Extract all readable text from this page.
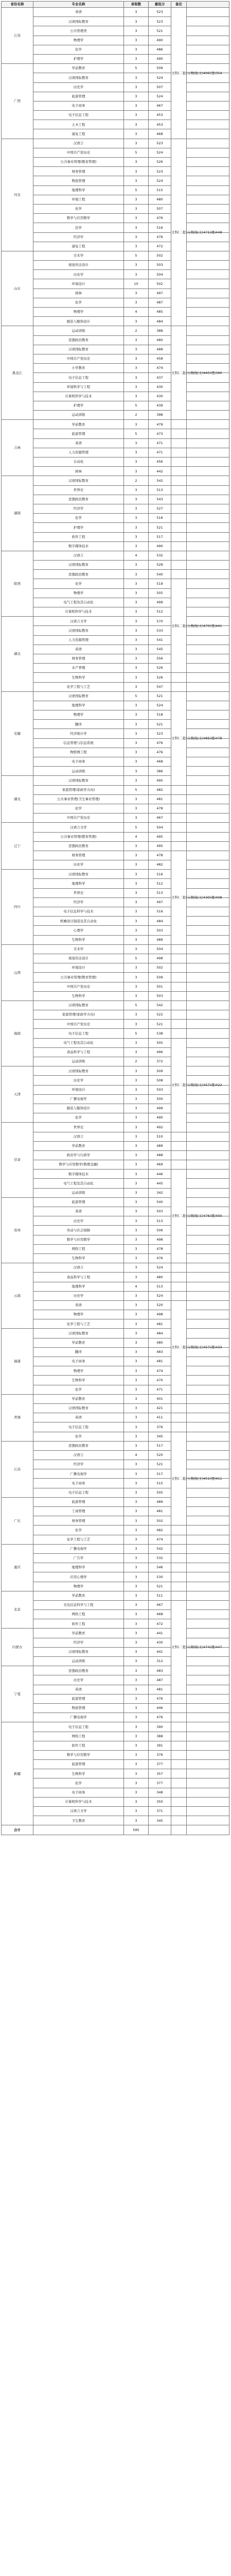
省份名称	专业名称	录取数	最低分	备注	
江苏	英语	3	523	文科(二批)分数线(文)406(理)354	
	汉语国际教育	3	523		
	公共管理类	3	521		
	物理学	3	490		
	化学	3	486		
	护理学	3	490		
广西	学前教育	5	509		
	汉语国际教育	3	524		
	历史学	3	507		
	旅游管理	3	524		
	电子商务	3	467		
	电子信息工程	3	453		
	土木工程	3	453		
	康复工程	3	468		
河北	汉语言	3	523	文科(二批)分数线(文)471(理)448	
	中国共产党历史	5	524		
	公共事业管理(教育管理)	3	526		
	财务管理	3	523		
	物流管理	3	524		
	地理科学	5	515		
	环境工程	3	480		
	化学	3	507		
	数学与应用数学	3	476		
	法学	3	516		
	经济学	3	476		
	康复工程	3	472		
山东	美术学	5	502		
	视觉传达设计	3	503		
	历史学	3	504		
	环境设计	10	502		
	园林	3	497		
	化学	3	487		
	物理学	4	485		
	服装与服饰设计	3	484		
黑龙江	运动训练	2	388	文科(二批)分数线(文)445(理)390	
	思想政治教育	3	480		
	汉语国际教育	3	488		
	中国共产党历史	3	458		
	小学教育	3	474		
	电子信息工程	3	437		
	环境科学与工程	3	430		
	计算机科学与技术	3	430		
	护理学	5	439		
	运动训练	2	398		
吉林	学前教育	3	479		
	旅游管理	5	473		
	英语	3	471		
	人力资源管理	3	471		
	自动化	3	456		
	园林	3	442		
湖南	汉语国际教育	2	542		
	世界史	3	513		
	思想政治教育	3	543		
	经济学	3	527		
	化学	3	516		
	护理学	3	521		
	软件工程	3	517		
	数字媒体技术	3	490		
陕西	汉语言	4	532		
	汉语国际教育	3	528		
	思想政治教育	3	540		
	化学	3	519	文科(二批)分数线(文)470(理)441	
	物理学	3	505		
	电气工程及其自动化	3	499		
	计算机科学与技术	3	512		
湖北	汉语言文学	3	570		
	汉语国际教育	3	533		
	人力资源管理	3	541		
	英语	3	545		
	财务管理	3	556		
	水产养殖	3	526		
	生物科学	3	526		
	化学工程与工艺	3	547		
安徽	汉语国际教育	5	521	文科(二批)分数线(文)485(理)478	
	地理科学	3	524		
	物理学	3	518		
	翻译	3	521		
	经济统计学	3	523		
	信息管理与信息系统	3	476		
	物联网工程	3	476		
	电子商务	3	468		
	运动训练	3	386		
湖北	汉语国际教育	3	495		
	家庭管理(家政学方向)	5	482		
	公共事业管理(卫生事业管理)	3	481		
	化学	3	478		
	中国共产党历史	3	467		
辽宁	汉语言文学	5	504		
	公共事业管理(教育管理)	4	495		
	思想政治教育	3	495		
	财务管理	3	478	文科(二批)分数线(文)430(理)408	
	历史学	3	482		
四川	汉语国际教育	3	516		
	地理科学	3	512		
	世界史	3	513		
	经济学	3	497		
	电子信息科学与技术	3	516		
	机械设计制造及其自动化	3	484		
	心理学	3	503		
	生物科学	3	489		
山西	美术学	3	504		
	视觉传达设计	5	498		
	环境设计	3	502		
	公共事业管理(教育管理)	3	509		
	中国共产党历史	3	501		
	生物科学	3	503		
海南	汉语国际教育	5	542		
	家庭管理(家政学方向)	3	522		
	中国共产党历史	3	521		
	电子信息工程	5	538		
	电气工程及其自动化	3	505	文科(二批)分数线(文)457(理)422	
	食品科学与工程	3	496		
	运动训练	2	372		
天津	汉语国际教育	3	509		
	历史学	3	508		
	环境设计	3	503		
	广播电视学	3	500		
	服装与服饰设计	3	499		
	化学	3	490		
甘肃	世界史	3	492		
	汉语言	3	510		
	学前教育	3	489		
	政治学与行政学	3	488		
	数学与应用数学(数理金融)	3	469		
	数字媒体技术	3	446	文科(二批)分数线(文)476(理)400	
	电气工程及其自动化	3	445		
	运动训练	3	342		
贵州	旅游管理	3	540		
	英语	3	503		
	历史学	3	513		
	劳动与社会保障	3	506		
	数学与应用数学	3	498		
	网络工程	3	478		
	生物科学	3	476		
云南	汉语言	3	524		
	食品科学与工程	3	480		
	地理科学	4	513		
	历史学	3	524		
	英语	3	520	文科(二批)分数线(文)457(理)433	
	物理学	3	498		
	化学工程与工艺	3	481		
福建	汉语国际教育	3	484		
	学前教育	3	480		
	翻译	3	483		
	电子商务	3	481		
	物理学	3	474		
	生物科学	3	470		
	化学	3	471		
青海	学前教育	3	401		
	汉语国际教育	3	421		
	英语	3	411		
	电子信息工程	3	376		
	化学	3	345	文科(二批)分数线(文)451(理)411	
江苏	思想政治教育	3	517		
	汉语言	4	520		
	经济学	3	521		
	广播电视学	3	517		
	电子商务	3	515		
	电子信息工程	3	505		
广东	旅游管理	3	489		
	工商管理	3	481		
	财务管理	3	502		
	化学	3	482		
	化学工程与工艺	3	474		
重庆	广播电视学	3	542		
	广告学	3	532		
	地理科学	3	546		
	应用心理学	3	530		
	物理学	3	521		
北京	学前教育	3	511		
	光电信息科学与工程	3	467	文科(二批)分数线(文)474(理)447	
	网络工程	3	468		
	软件工程	3	472		
内蒙古	学前教育	3	441		
	经济学	3	430		
	汉语国际教育	3	441		
	运动训练	3	312		
宁夏	思想政治教育	3	483		
	历史学	3	487		
	英语	3	481		
	旅游管理	3	476		
	物流管理	3	446		
	广播电视学	3	476		
新疆	电子信息工程	3	390		
	网络工程	3	388		
	软件工程	3	391		
	数学与应用数学	3	376		
	旅游管理	3	377		
	生物科学	3	357		
	化学	3	377		
	电子商务	3	348		
	计算机科学与技术	3	350		
	汉语言文学	3	371		
	卫生教育	3	345		
合计		595			
